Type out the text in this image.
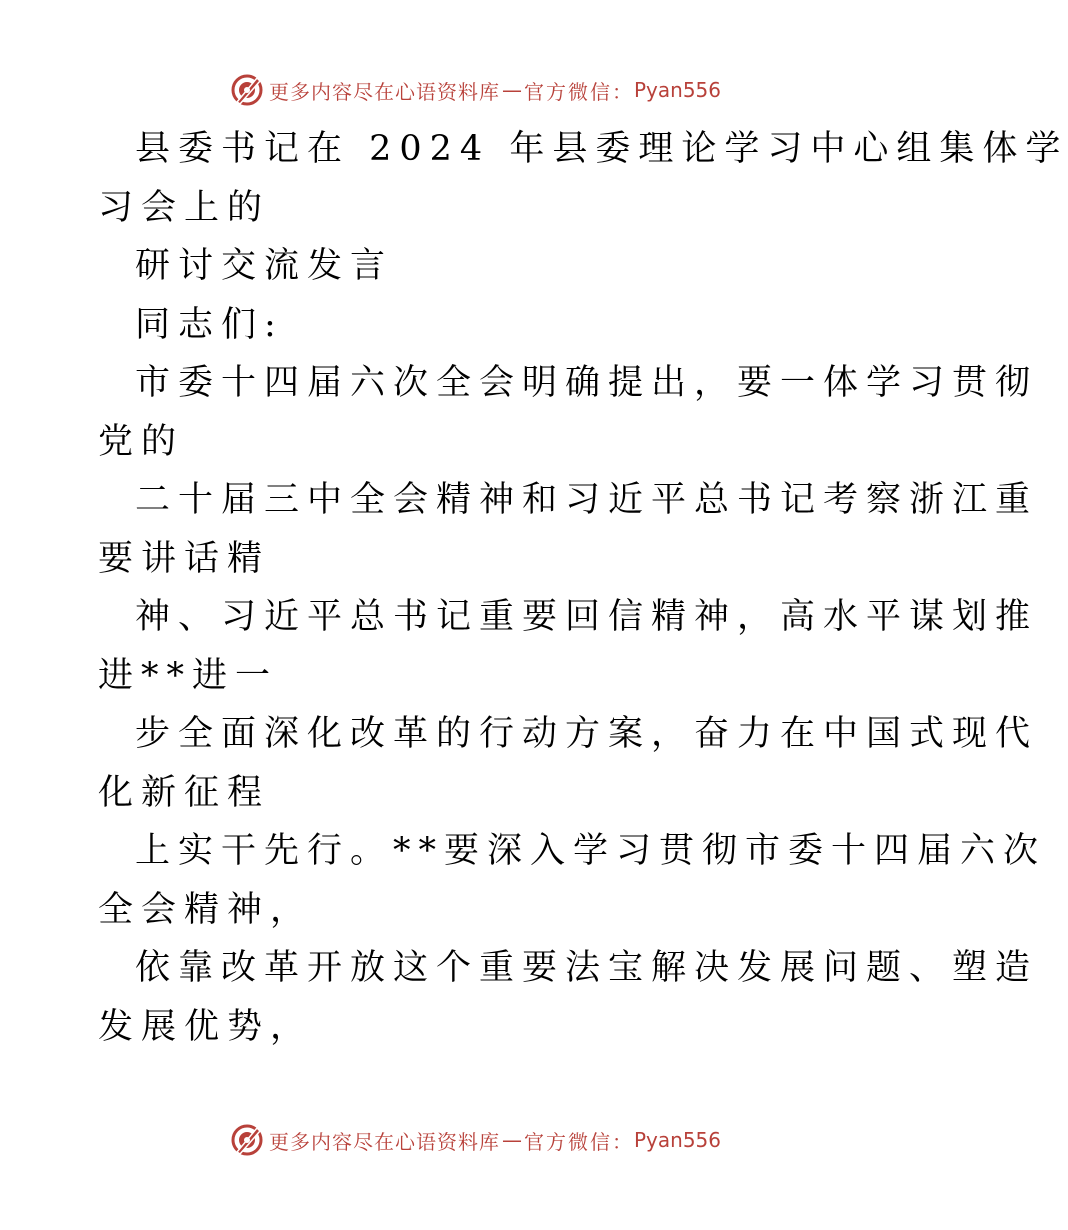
更多内容尽在心语资料库 — 官方微信： Pyan556
县委书记在 2024 年县委理论学习中心组集体学
习会上的
研讨交流发言
同志们:
市委十四届六次全会明确提出，要一体学习贯彻
党的
二十届三中全会精神和习近平总书记考察浙江重
要讲话精
神、习近平总书记重要回信精神，高水平谋划推
进**进一
步全面深化改革的行动方案，奋力在中国式现代
化新征程
上实干先行。**要深入学习贯彻市委十四届六次
全会精神，
依靠改革开放这个重要法宝解决发展问题、塑造
发展优势，
更多内容尽在心语资料库 — 官方微信： Pyan556
